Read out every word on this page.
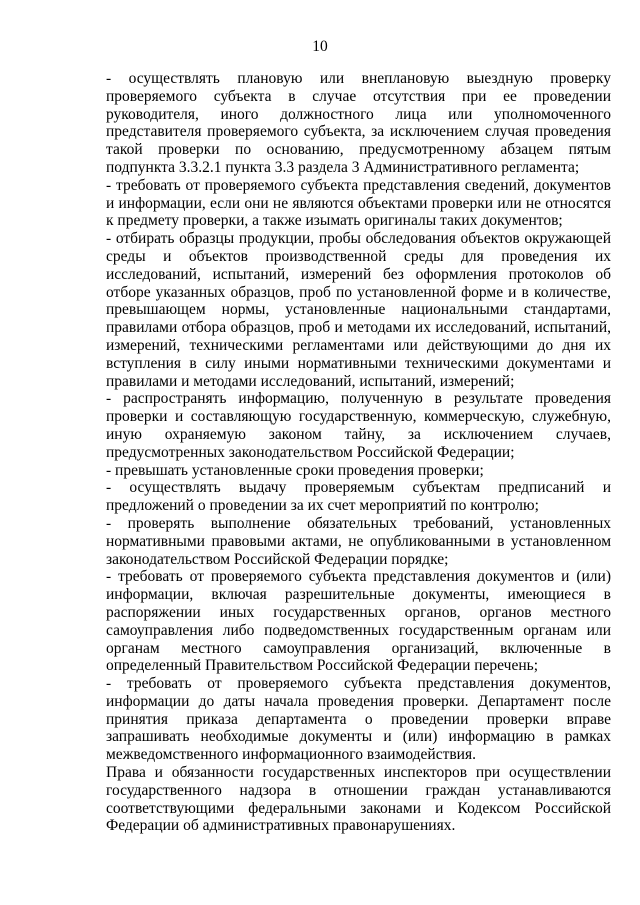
10

- осуществлять плановую или внеплановую выездную проверку проверяемого субъекта в случае отсутствия при ее проведении руководителя, иного должностного лица или уполномоченного представителя проверяемого субъекта, за исключением случая проведения такой проверки по основанию, предусмотренному абзацем пятым подпункта 3.3.2.1 пункта 3.3 раздела 3 Административного регламента;

- требовать от проверяемого субъекта представления сведений, документов и информации, если они не являются объектами проверки или не относятся к предмету проверки, а также изымать оригиналы таких документов;

- отбирать образцы продукции, пробы обследования объектов окружающей среды и объектов производственной среды для проведения их исследований, испытаний, измерений без оформления протоколов об отборе указанных образцов, проб по установленной форме и в количестве, превышающем нормы, установленные национальными стандартами, правилами отбора образцов, проб и методами их исследований, испытаний, измерений, техническими регламентами или действующими до дня их вступления в силу иными нормативными техническими документами и правилами и методами исследований, испытаний, измерений;

- распространять информацию, полученную в результате проведения проверки и составляющую государственную, коммерческую, служебную, иную охраняемую законом тайну, за исключением случаев, предусмотренных законодательством Российской Федерации;

- превышать установленные сроки проведения проверки;

- осуществлять выдачу проверяемым субъектам предписаний и предложений о проведении за их счет мероприятий по контролю;

- проверять выполнение обязательных требований, установленных нормативными правовыми актами, не опубликованными в установленном законодательством Российской Федерации порядке;

- требовать от проверяемого субъекта представления документов и (или) информации, включая разрешительные документы, имеющиеся в распоряжении иных государственных органов, органов местного самоуправления либо подведомственных государственным органам или органам местного самоуправления организаций, включенные в определенный Правительством Российской Федерации перечень;

- требовать от проверяемого субъекта представления документов, информации до даты начала проведения проверки. Департамент после принятия приказа департамента о проведении проверки вправе запрашивать необходимые документы и (или) информацию в рамках межведомственного информационного взаимодействия.

Права и обязанности государственных инспекторов при осуществлении государственного надзора в отношении граждан устанавливаются соответствующими федеральными законами и Кодексом Российской Федерации об административных правонарушениях.
